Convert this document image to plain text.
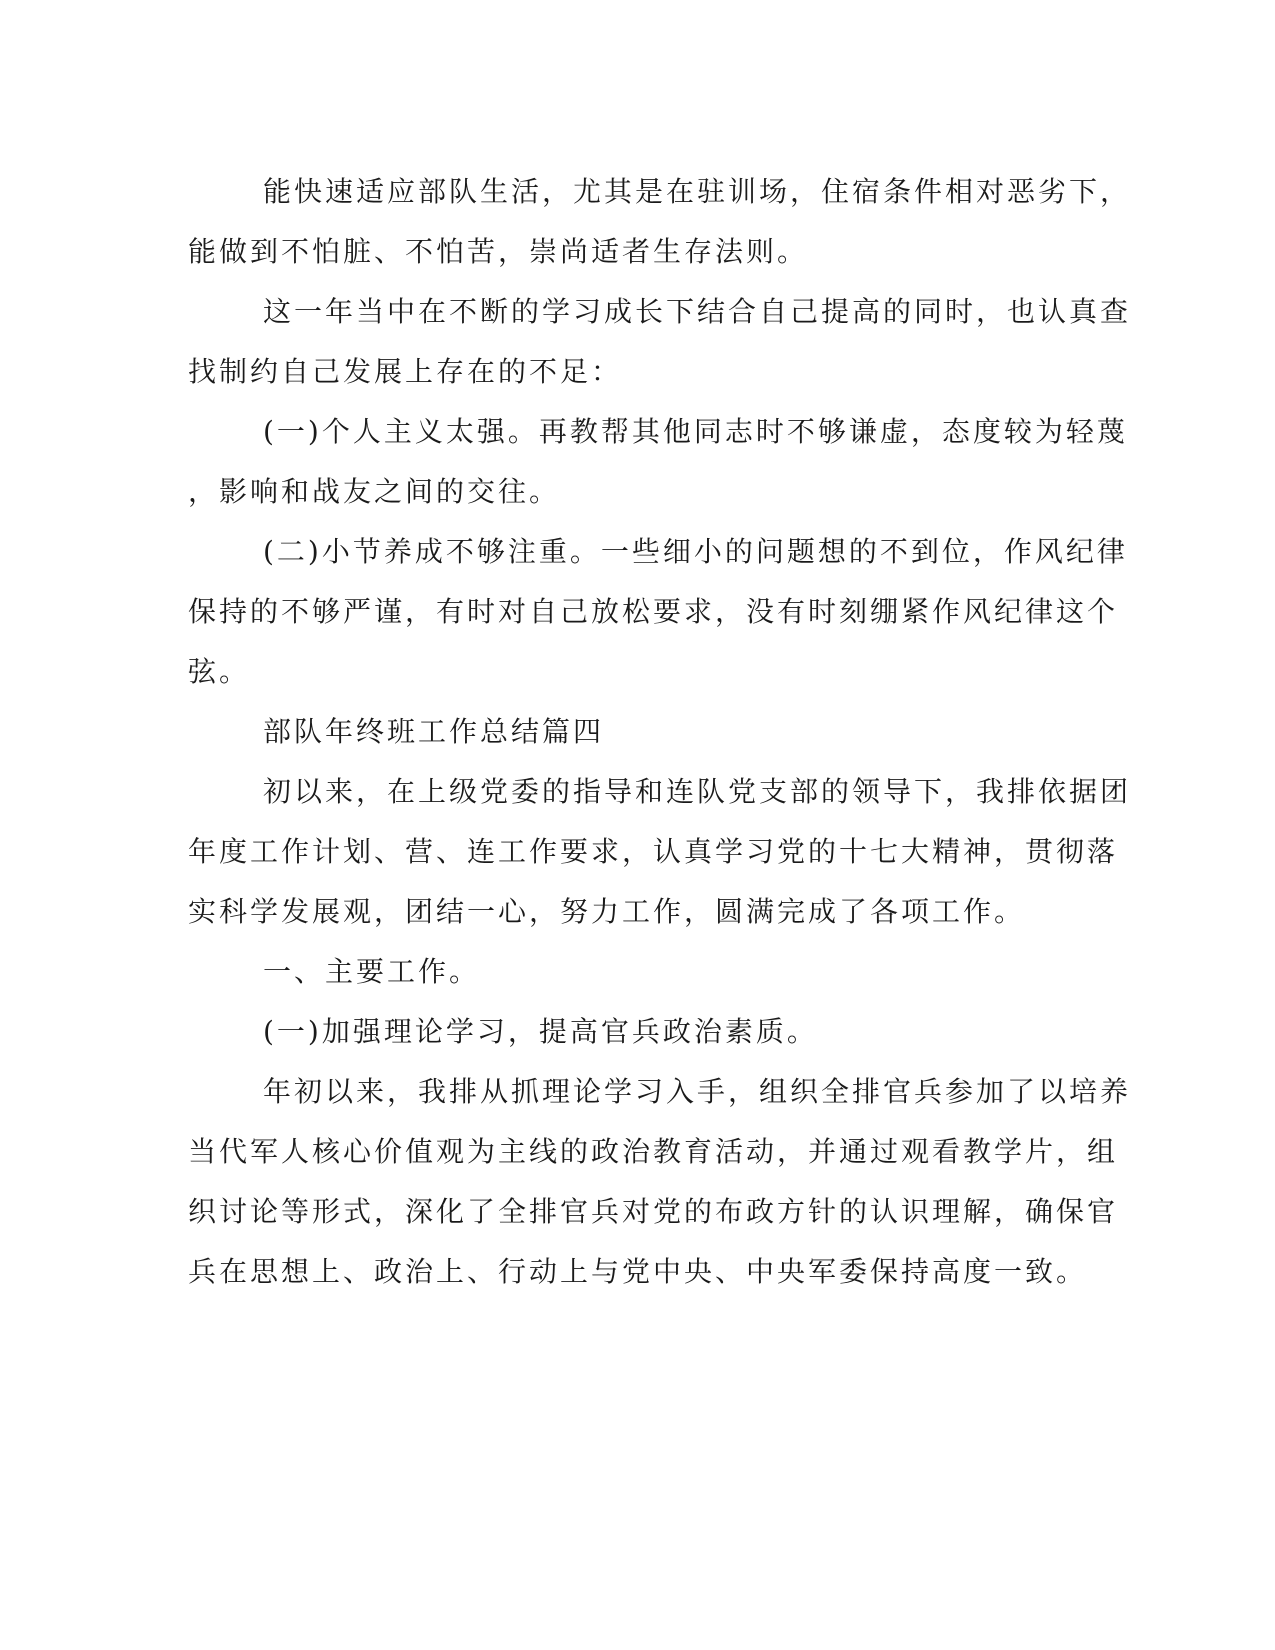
能快速适应部队生活，尤其是在驻训场，住宿条件相对恶劣下，
能做到不怕脏、不怕苦，崇尚适者生存法则。
这一年当中在不断的学习成长下结合自己提高的同时，也认真查
找制约自己发展上存在的不足：
(一)个人主义太强。再教帮其他同志时不够谦虚，态度较为轻蔑
，影响和战友之间的交往。
(二)小节养成不够注重。一些细小的问题想的不到位，作风纪律
保持的不够严谨，有时对自己放松要求，没有时刻绷紧作风纪律这个
弦。
部队年终班工作总结篇四
初以来，在上级党委的指导和连队党支部的领导下，我排依据团
年度工作计划、营、连工作要求，认真学习党的十七大精神，贯彻落
实科学发展观，团结一心，努力工作，圆满完成了各项工作。
一、主要工作。
(一)加强理论学习，提高官兵政治素质。
年初以来，我排从抓理论学习入手，组织全排官兵参加了以培养
当代军人核心价值观为主线的政治教育活动，并通过观看教学片，组
织讨论等形式，深化了全排官兵对党的布政方针的认识理解，确保官
兵在思想上、政治上、行动上与党中央、中央军委保持高度一致。
